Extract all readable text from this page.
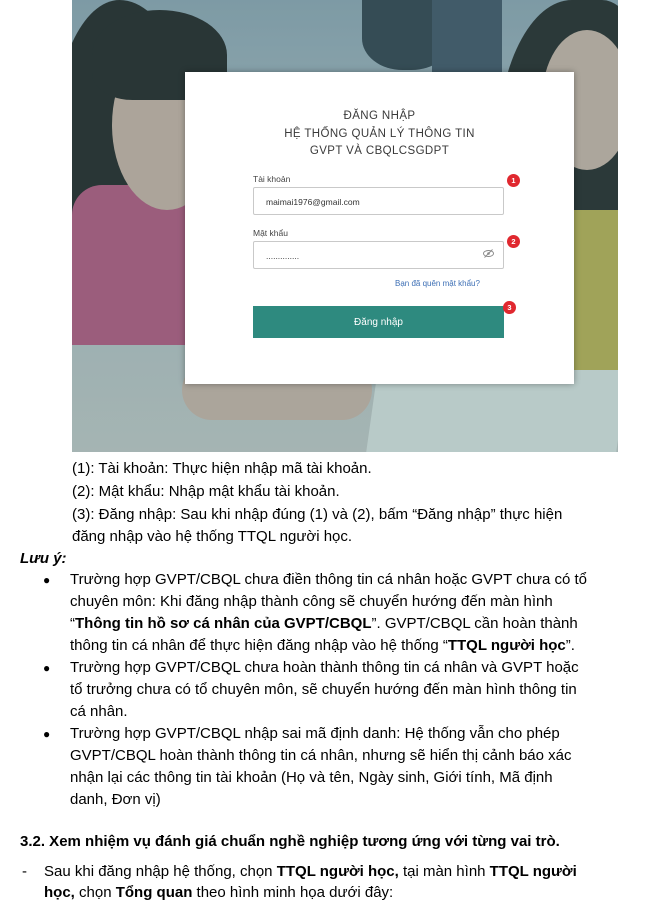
ĐĂNG NHẬP
HỆ THỐNG QUẢN LÝ THÔNG TIN
GVPT VÀ CBQLCSGDPT
Tài khoản
maimai1976@gmail.com
1
Mật khẩu
..............
2
Bạn đã quên mật khẩu?
Đăng nhập
3
(1): Tài khoản: Thực hiện nhập mã tài khoản.
(2): Mật khẩu: Nhập mật khẩu tài khoản.
(3): Đăng nhập: Sau khi nhập đúng (1) và (2), bấm “Đăng nhập” thực hiện
đăng nhập vào hệ thống TTQL người học.
Lưu ý:
● Trường hợp GVPT/CBQL chưa điền thông tin cá nhân hoặc GVPT chưa có tổ
chuyên môn: Khi đăng nhập thành công sẽ chuyển hướng đến màn hình
“Thông tin hồ sơ cá nhân của GVPT/CBQL”. GVPT/CBQL cần hoàn thành
thông tin cá nhân để thực hiện đăng nhập vào hệ thống “TTQL người học”.
● Trường hợp GVPT/CBQL chưa hoàn thành thông tin cá nhân và GVPT hoặc
tổ trưởng chưa có tổ chuyên môn, sẽ chuyển hướng đến màn hình thông tin
cá nhân.
● Trường hợp GVPT/CBQL nhập sai mã định danh: Hệ thống vẫn cho phép
GVPT/CBQL hoàn thành thông tin cá nhân, nhưng sẽ hiển thị cảnh báo xác
nhận lại các thông tin tài khoản (Họ và tên, Ngày sinh, Giới tính, Mã định
danh, Đơn vị)
3.2. Xem nhiệm vụ đánh giá chuẩn nghề nghiệp tương ứng với từng vai trò.
- Sau khi đăng nhập hệ thống, chọn TTQL người học, tại màn hình TTQL người
học, chọn Tổng quan theo hình minh họa dưới đây:
